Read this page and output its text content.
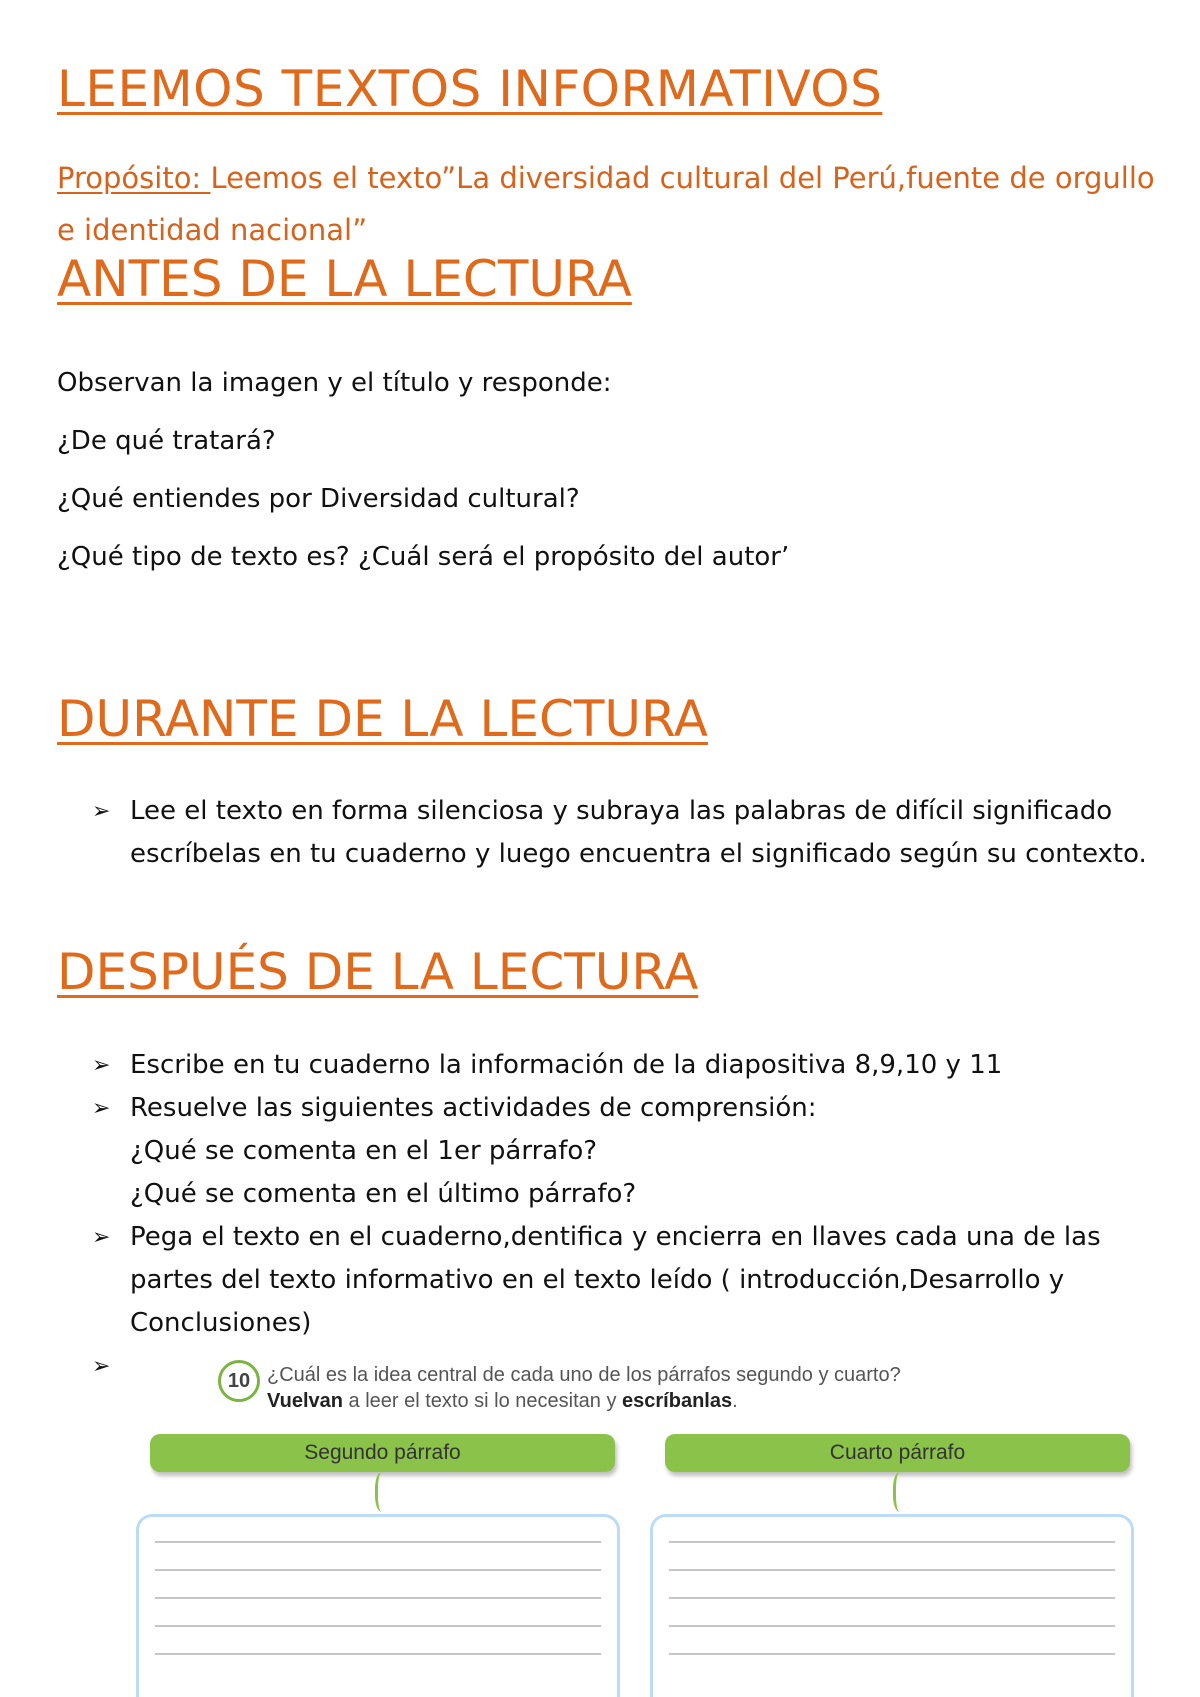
LEEMOS TEXTOS INFORMATIVOS
Propósito: Leemos el texto”La diversidad cultural del Perú,fuente de orgullo e identidad nacional”
ANTES DE LA LECTURA
Observan la imagen y el título y responde:
¿De qué tratará?
¿Qué entiendes por Diversidad cultural?
¿Qué tipo de texto es? ¿Cuál será el propósito del autor’
DURANTE DE LA LECTURA
➢ Lee el texto en forma silenciosa y subraya las palabras de difícil significado escríbelas en tu cuaderno y luego encuentra el significado según su contexto.
DESPUÉS DE LA LECTURA
➢ Escribe en tu cuaderno la información de la diapositiva 8,9,10 y 11
➢ Resuelve las siguientes actividades de comprensión:
¿Qué se comenta en el 1er párrafo?
¿Qué se comenta en el último párrafo?
➢ Pega el texto en el cuaderno,dentifica y encierra en llaves cada una de las partes del texto informativo en el texto leído ( introducción,Desarrollo y Conclusiones)
➢
10 ¿Cuál es la idea central de cada uno de los párrafos segundo y cuarto?
Vuelvan a leer el texto si lo necesitan y escríbanlas.
Segundo párrafo	Cuarto párrafo
